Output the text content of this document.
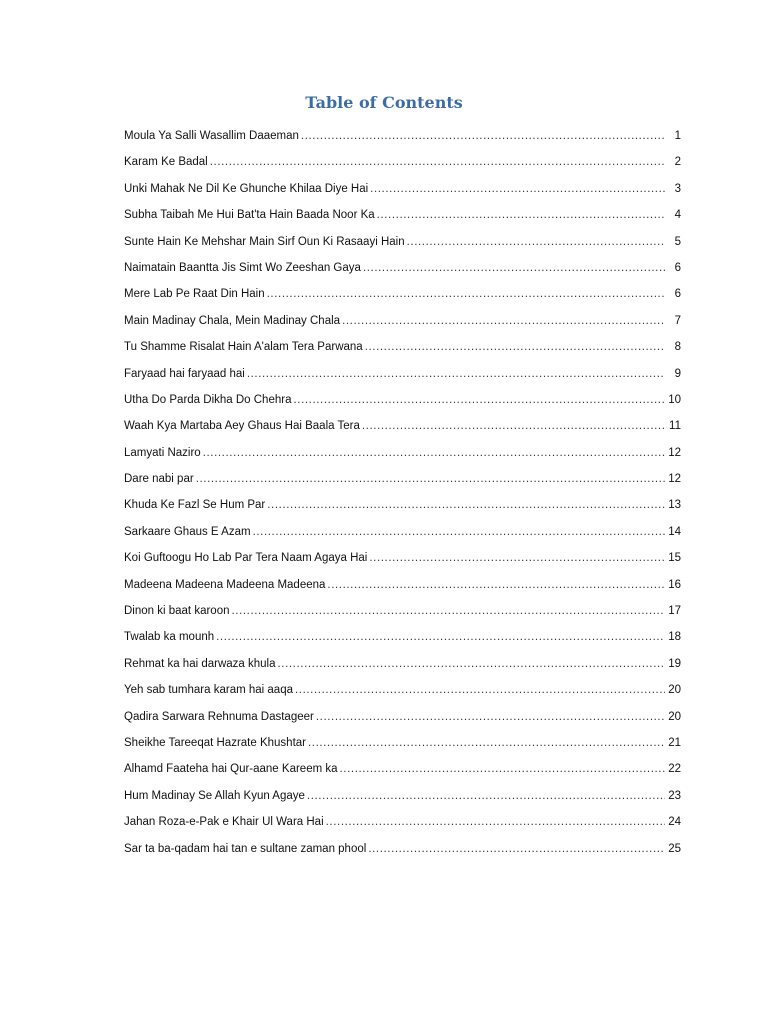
Table of Contents
Moula Ya Salli Wasallim Daaeman .....	1
Karam Ke Badal .....	2
Unki Mahak Ne Dil Ke Ghunche Khilaa Diye Hai .....	3
Subha Taibah Me Hui Bat'ta Hain Baada Noor Ka .....	4
Sunte Hain Ke Mehshar Main Sirf Oun Ki Rasaayi Hain .....	5
Naimatain Baantta Jis Simt Wo Zeeshan Gaya .....	6
Mere Lab Pe Raat Din Hain .....	6
Main Madinay Chala, Mein Madinay Chala .....	7
Tu Shamme Risalat Hain A'alam Tera Parwana .....	8
Faryaad hai faryaad hai .....	9
Utha Do Parda Dikha Do Chehra .....	10
Waah Kya Martaba Aey Ghaus Hai Baala Tera .....	11
Lamyati Naziro .....	12
Dare nabi par .....	12
Khuda Ke Fazl Se Hum Par .....	13
Sarkaare Ghaus E Azam .....	14
Koi Guftoogu Ho Lab Par Tera Naam Agaya Hai .....	15
Madeena Madeena Madeena Madeena .....	16
Dinon ki baat karoon .....	17
Twalab ka mounh .....	18
Rehmat ka hai darwaza khula .....	19
Yeh sab tumhara karam hai aaqa .....	20
Qadira Sarwara Rehnuma Dastageer .....	20
Sheikhe Tareeqat Hazrate Khushtar .....	21
Alhamd Faateha hai Qur-aane Kareem ka .....	22
Hum Madinay Se Allah Kyun Agaye .....	23
Jahan Roza-e-Pak e Khair Ul Wara Hai .....	24
Sar ta ba-qadam hai tan e sultane zaman phool .....	25
